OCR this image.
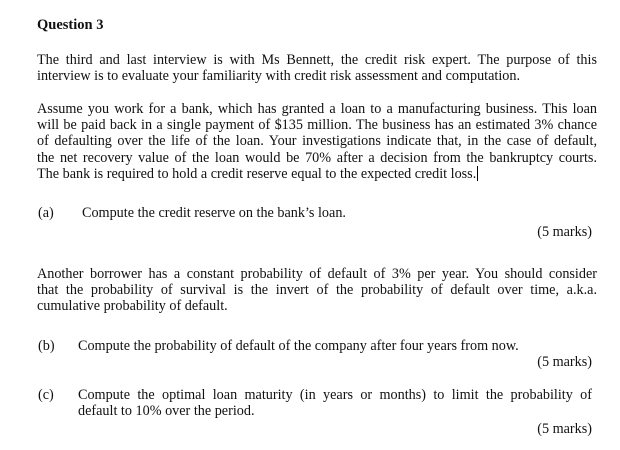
Question 3
The third and last interview is with Ms Bennett, the credit risk expert. The purpose of this
interview is to evaluate your familiarity with credit risk assessment and computation.
Assume you work for a bank, which has granted a loan to a manufacturing business. This loan
will be paid back in a single payment of $135 million. The business has an estimated 3% chance
of defaulting over the life of the loan. Your investigations indicate that, in the case of default,
the net recovery value of the loan would be 70% after a decision from the bankruptcy courts.
The bank is required to hold a credit reserve equal to the expected credit loss.
(a) Compute the credit reserve on the bank’s loan.
(5 marks)
Another borrower has a constant probability of default of 3% per year. You should consider
that the probability of survival is the invert of the probability of default over time, a.k.a.
cumulative probability of default.
(b) Compute the probability of default of the company after four years from now.
(5 marks)
(c) Compute the optimal loan maturity (in years or months) to limit the probability of
default to 10% over the period.
(5 marks)
